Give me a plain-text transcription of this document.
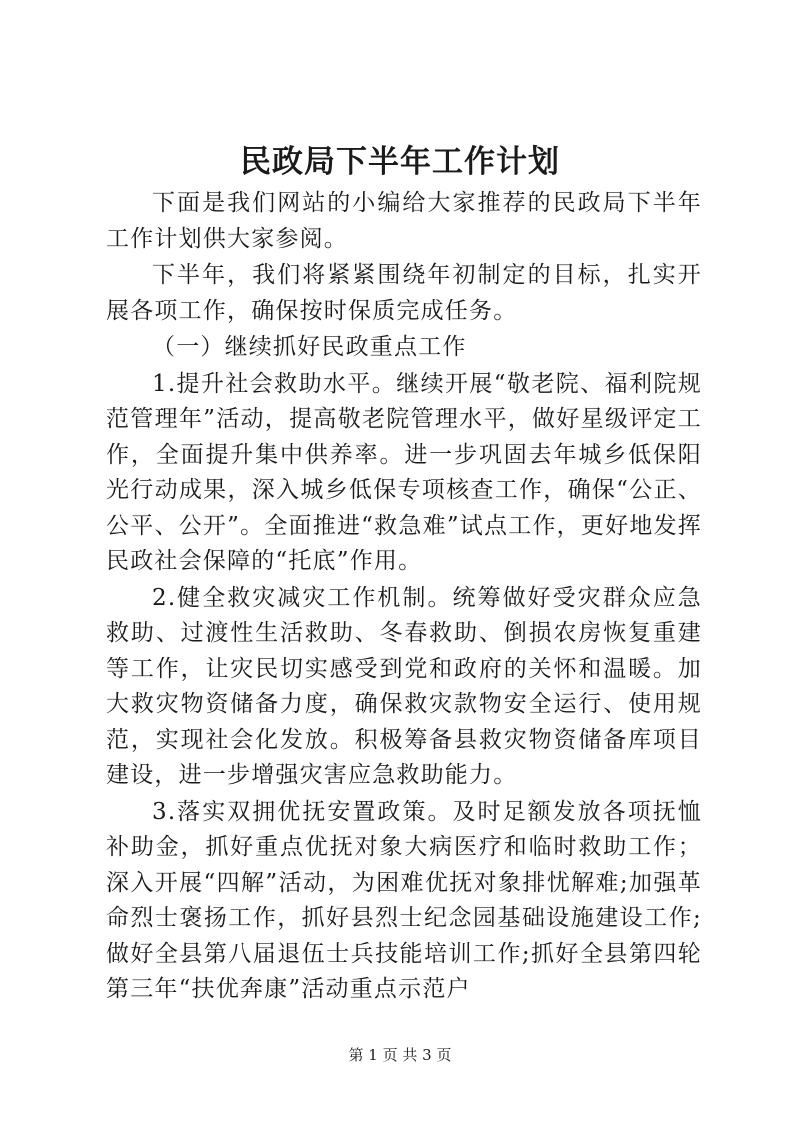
民政局下半年工作计划

下面是我们网站的小编给大家推荐的民政局下半年工作计划供大家参阅。

下半年，我们将紧紧围绕年初制定的目标，扎实开展各项工作，确保按时保质完成任务。

（一）继续抓好民政重点工作

1.提升社会救助水平。继续开展“敬老院、福利院规范管理年”活动，提高敬老院管理水平，做好星级评定工作，全面提升集中供养率。进一步巩固去年城乡低保阳光行动成果，深入城乡低保专项核查工作，确保“公正、公平、公开”。全面推进“救急难”试点工作，更好地发挥民政社会保障的“托底”作用。

2.健全救灾减灾工作机制。统筹做好受灾群众应急救助、过渡性生活救助、冬春救助、倒损农房恢复重建等工作，让灾民切实感受到党和政府的关怀和温暖。加大救灾物资储备力度，确保救灾款物安全运行、使用规范，实现社会化发放。积极筹备县救灾物资储备库项目建设，进一步增强灾害应急救助能力。

3.落实双拥优抚安置政策。及时足额发放各项抚恤补助金，抓好重点优抚对象大病医疗和临时救助工作；深入开展“四解”活动，为困难优抚对象排忧解难;加强革命烈士褒扬工作，抓好县烈士纪念园基础设施建设工作;做好全县第八届退伍士兵技能培训工作;抓好全县第四轮第三年“扶优奔康”活动重点示范户

第 1 页 共 3 页
